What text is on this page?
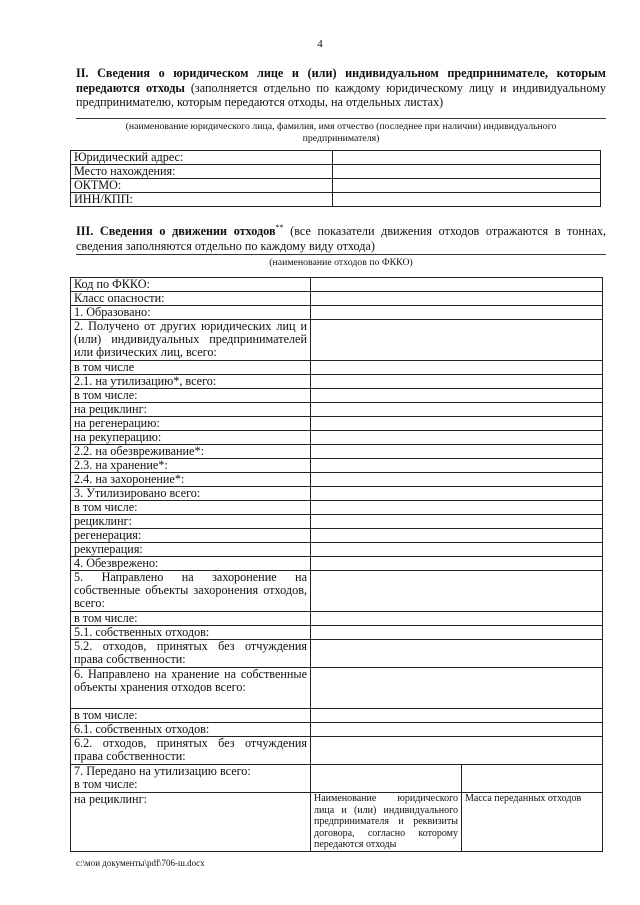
4
II. Сведения о юридическом лице и (или) индивидуальном предпринимателе, которым передаются отходы (заполняется отдельно по каждому юридическому лицу и индивидуальному предпринимателю, которым передаются отходы, на отдельных листах)
(наименование юридического лица, фамилия, имя отчество (последнее при наличии) индивидуального предпринимателя)
Юридический адрес:	
Место нахождения:	
ОКТМО:	
ИНН/КПП:	
III. Сведения о движении отходов** (все показатели движения отходов отражаются в тоннах, сведения заполняются отдельно по каждому виду отхода)
(наименование отходов по ФККО)
Код по ФККО:		
Класс опасности:		
1. Образовано:		
2. Получено от других юридических лиц и (или) индивидуальных предпринимателей или физических лиц, всего:		
в том числе		
2.1. на утилизацию*, всего:		
в том числе:		
на рециклинг:		
на регенерацию:		
на рекуперацию:		
2.2. на обезвреживание*:		
2.3. на хранение*:		
2.4. на захоронение*:		
3. Утилизировано всего:		
в том числе:		
рециклинг:		
регенерация:		
рекуперация:		
4. Обезврежено:		
5. Направлено на захоронение на собственные объекты захоронения отходов, всего:		
в том числе:		
5.1. собственных отходов:		
5.2. отходов, принятых без отчуждения права собственности:		
6. Направлено на хранение на собственные объекты хранения отходов всего:		
в том числе:		
6.1. собственных отходов:		
6.2. отходов, принятых без отчуждения права собственности:		
7. Передано на утилизацию всего:
в том числе:		
на рециклинг:	Наименование юридического лица и (или) индивидуального предпринимателя и реквизиты договора, согласно которому передаются отходы	Масса переданных отходов
c:\мои документы\pdf\706-ш.docx
